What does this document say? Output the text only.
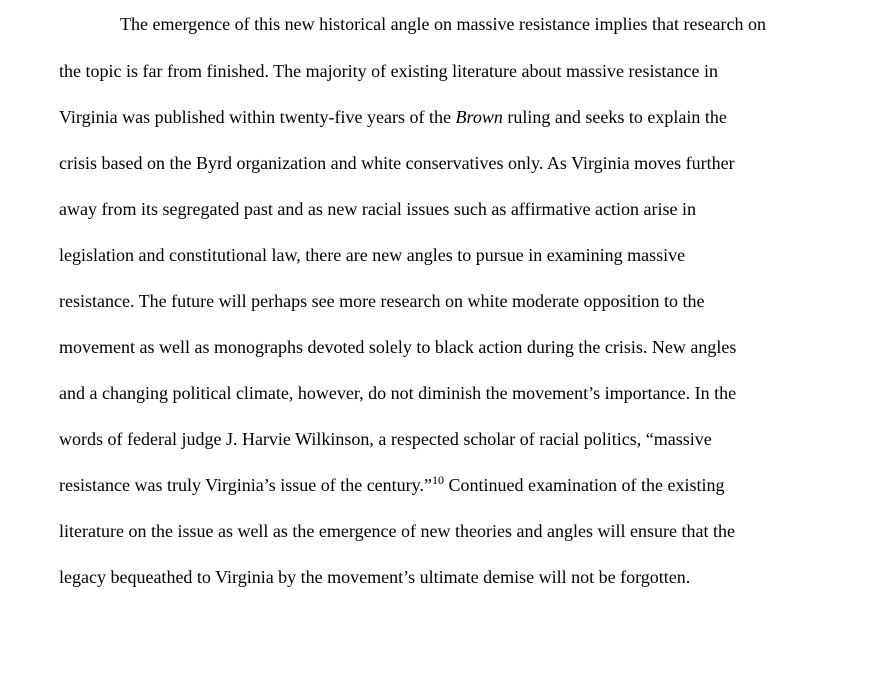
The emergence of this new historical angle on massive resistance implies that research on
the topic is far from finished. The majority of existing literature about massive resistance in
Virginia was published within twenty-five years of the Brown ruling and seeks to explain the
crisis based on the Byrd organization and white conservatives only. As Virginia moves further
away from its segregated past and as new racial issues such as affirmative action arise in
legislation and constitutional law, there are new angles to pursue in examining massive
resistance. The future will perhaps see more research on white moderate opposition to the
movement as well as monographs devoted solely to black action during the crisis. New angles
and a changing political climate, however, do not diminish the movement’s importance. In the
words of federal judge J. Harvie Wilkinson, a respected scholar of racial politics, “massive
resistance was truly Virginia’s issue of the century.”$^{10}$ Continued examination of the existing
literature on the issue as well as the emergence of new theories and angles will ensure that the
legacy bequeathed to Virginia by the movement’s ultimate demise will not be forgotten.
